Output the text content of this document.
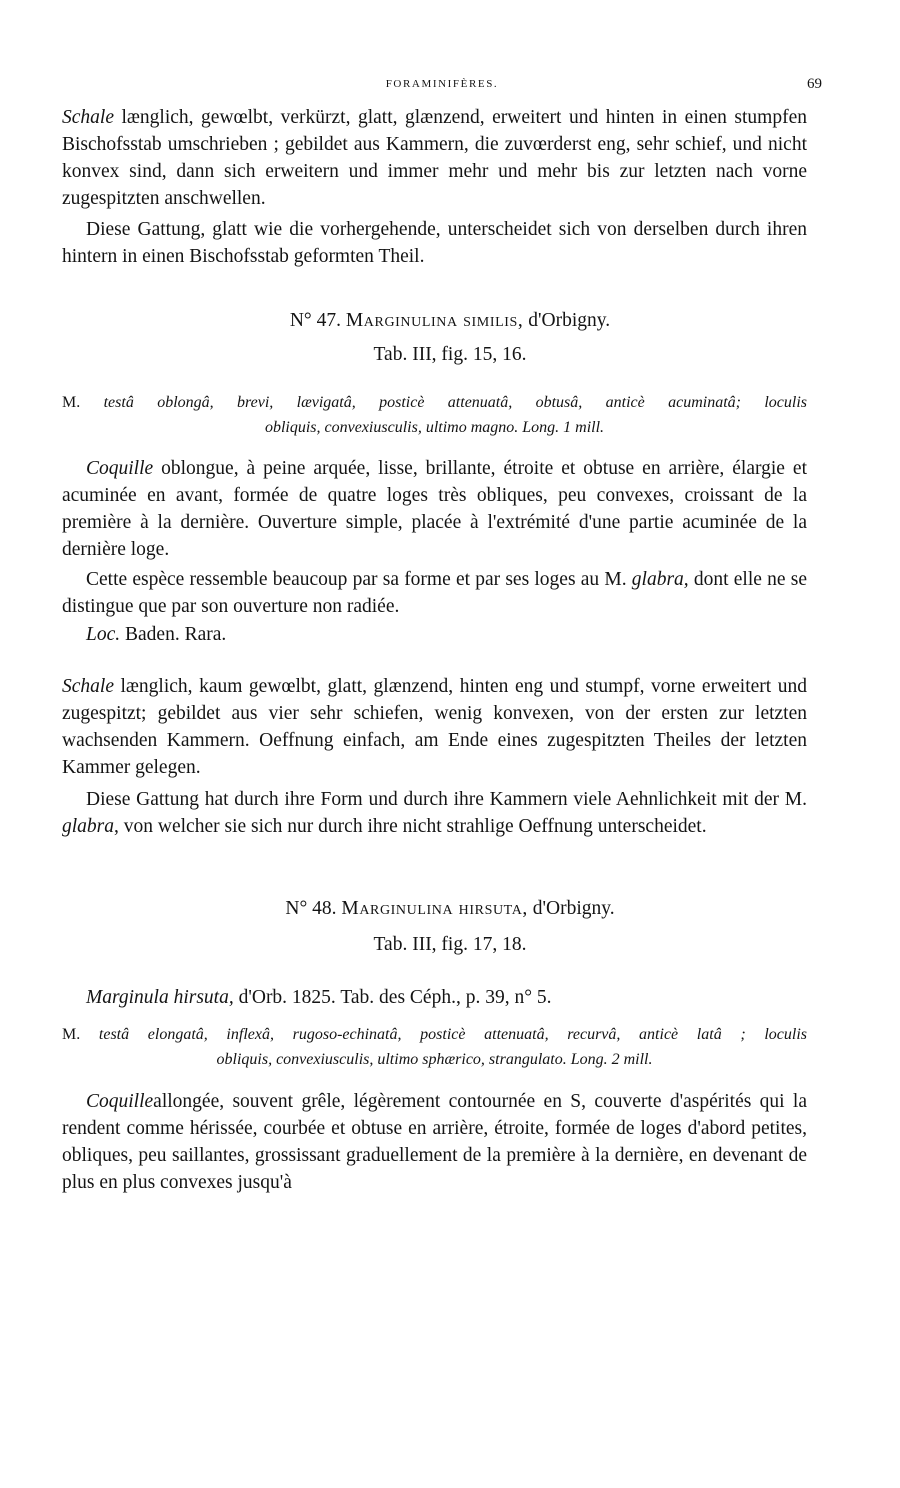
FORAMINIFÈRES.	69

Schale længlich, gewœlbt, verkürzt, glatt, glænzend, erweitert und hinten in einen stumpfen Bischofsstab umschrieben ; gebildet aus Kammern, die zuvœrderst eng, sehr schief, und nicht konvex sind, dann sich erweitern und immer mehr und mehr bis zur letzten nach vorne zugespitzten anschwellen.

Diese Gattung, glatt wie die vorhergehende, unterscheidet sich von derselben durch ihren hintern in einen Bischofsstab geformten Theil.

N° 47. Marginulina similis, d'Orbigny.

Tab. III, fig. 15, 16.

M. testâ oblongâ, brevi, lævigatâ, posticè attenuatâ, obtusâ, anticè acuminatâ; loculis
obliquis, convexiusculis, ultimo magno. Long. 1 mill.

Coquille oblongue, à peine arquée, lisse, brillante, étroite et obtuse en arrière, élargie et acuminée en avant, formée de quatre loges très obliques, peu convexes, croissant de la première à la dernière. Ouverture simple, placée à l'extrémité d'une partie acuminée de la dernière loge.

Cette espèce ressemble beaucoup par sa forme et par ses loges au M. glabra, dont elle ne se distingue que par son ouverture non radiée.

Loc. Baden. Rara.

Schale længlich, kaum gewœlbt, glatt, glænzend, hinten eng und stumpf, vorne erweitert und zugespitzt; gebildet aus vier sehr schiefen, wenig konvexen, von der ersten zur letzten wachsenden Kammern. Oeffnung einfach, am Ende eines zugespitzten Theiles der letzten Kammer gelegen.

Diese Gattung hat durch ihre Form und durch ihre Kammern viele Aehnlichkeit mit der M. glabra, von welcher sie sich nur durch ihre nicht strahlige Oeffnung unterscheidet.

N° 48. Marginulina hirsuta, d'Orbigny.

Tab. III, fig. 17, 18.

Marginula hirsuta, d'Orb. 1825. Tab. des Céph., p. 39, n° 5.

M. testâ elongatâ, inflexâ, rugoso-echinatâ, posticè attenuatâ, recurvâ, anticè latâ ; loculis
obliquis, convexiusculis, ultimo sphærico, strangulato. Long. 2 mill.

Coquilleallongée, souvent grêle, légèrement contournée en S, couverte d'aspérités qui la rendent comme hérissée, courbée et obtuse en arrière, étroite, formée de loges d'abord petites, obliques, peu saillantes, grossissant graduellement de la première à la dernière, en devenant de plus en plus convexes jusqu'à
